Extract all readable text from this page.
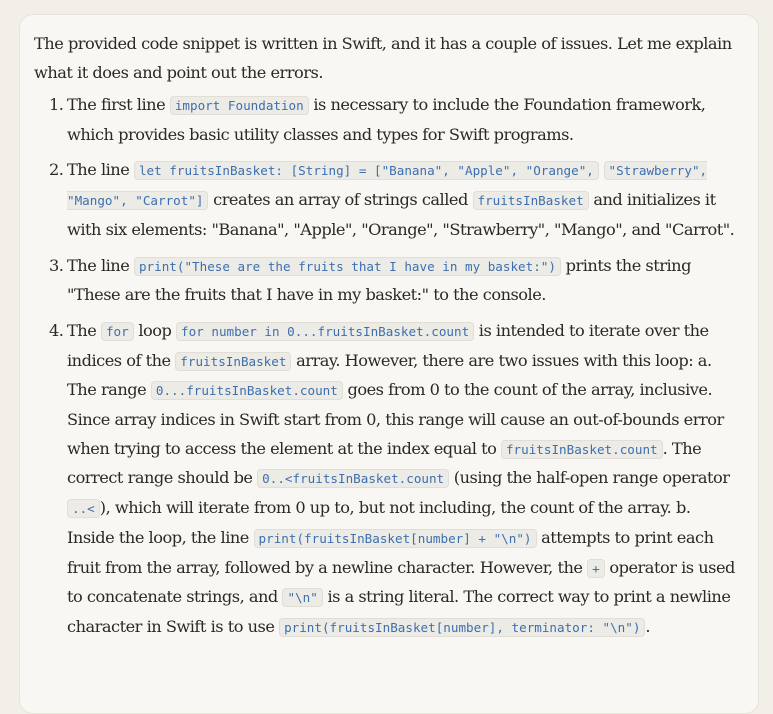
The provided code snippet is written in Swift, and it has a couple of issues. Let me explain what it does and point out the errors.

1. The first line import Foundation is necessary to include the Foundation framework, which provides basic utility classes and types for Swift programs.
2. The line let fruitsInBasket: [String] = ["Banana", "Apple", "Orange", "Strawberry", "Mango", "Carrot"] creates an array of strings called fruitsInBasket and initializes it with six elements: "Banana", "Apple", "Orange", "Strawberry", "Mango", and "Carrot".
3. The line print("These are the fruits that I have in my basket:") prints the string "These are the fruits that I have in my basket:" to the console.
4. The for loop for number in 0...fruitsInBasket.count is intended to iterate over the indices of the fruitsInBasket array. However, there are two issues with this loop: a. The range 0...fruitsInBasket.count goes from 0 to the count of the array, inclusive. Since array indices in Swift start from 0, this range will cause an out-of-bounds error when trying to access the element at the index equal to fruitsInBasket.count . The correct range should be 0..<fruitsInBasket.count (using the half-open range operator ..< ), which will iterate from 0 up to, but not including, the count of the array. b. Inside the loop, the line print(fruitsInBasket[number] + "\n") attempts to print each fruit from the array, followed by a newline character. However, the + operator is used to concatenate strings, and "\n" is a string literal. The correct way to print a newline character in Swift is to use print(fruitsInBasket[number], terminator: "\n") .
